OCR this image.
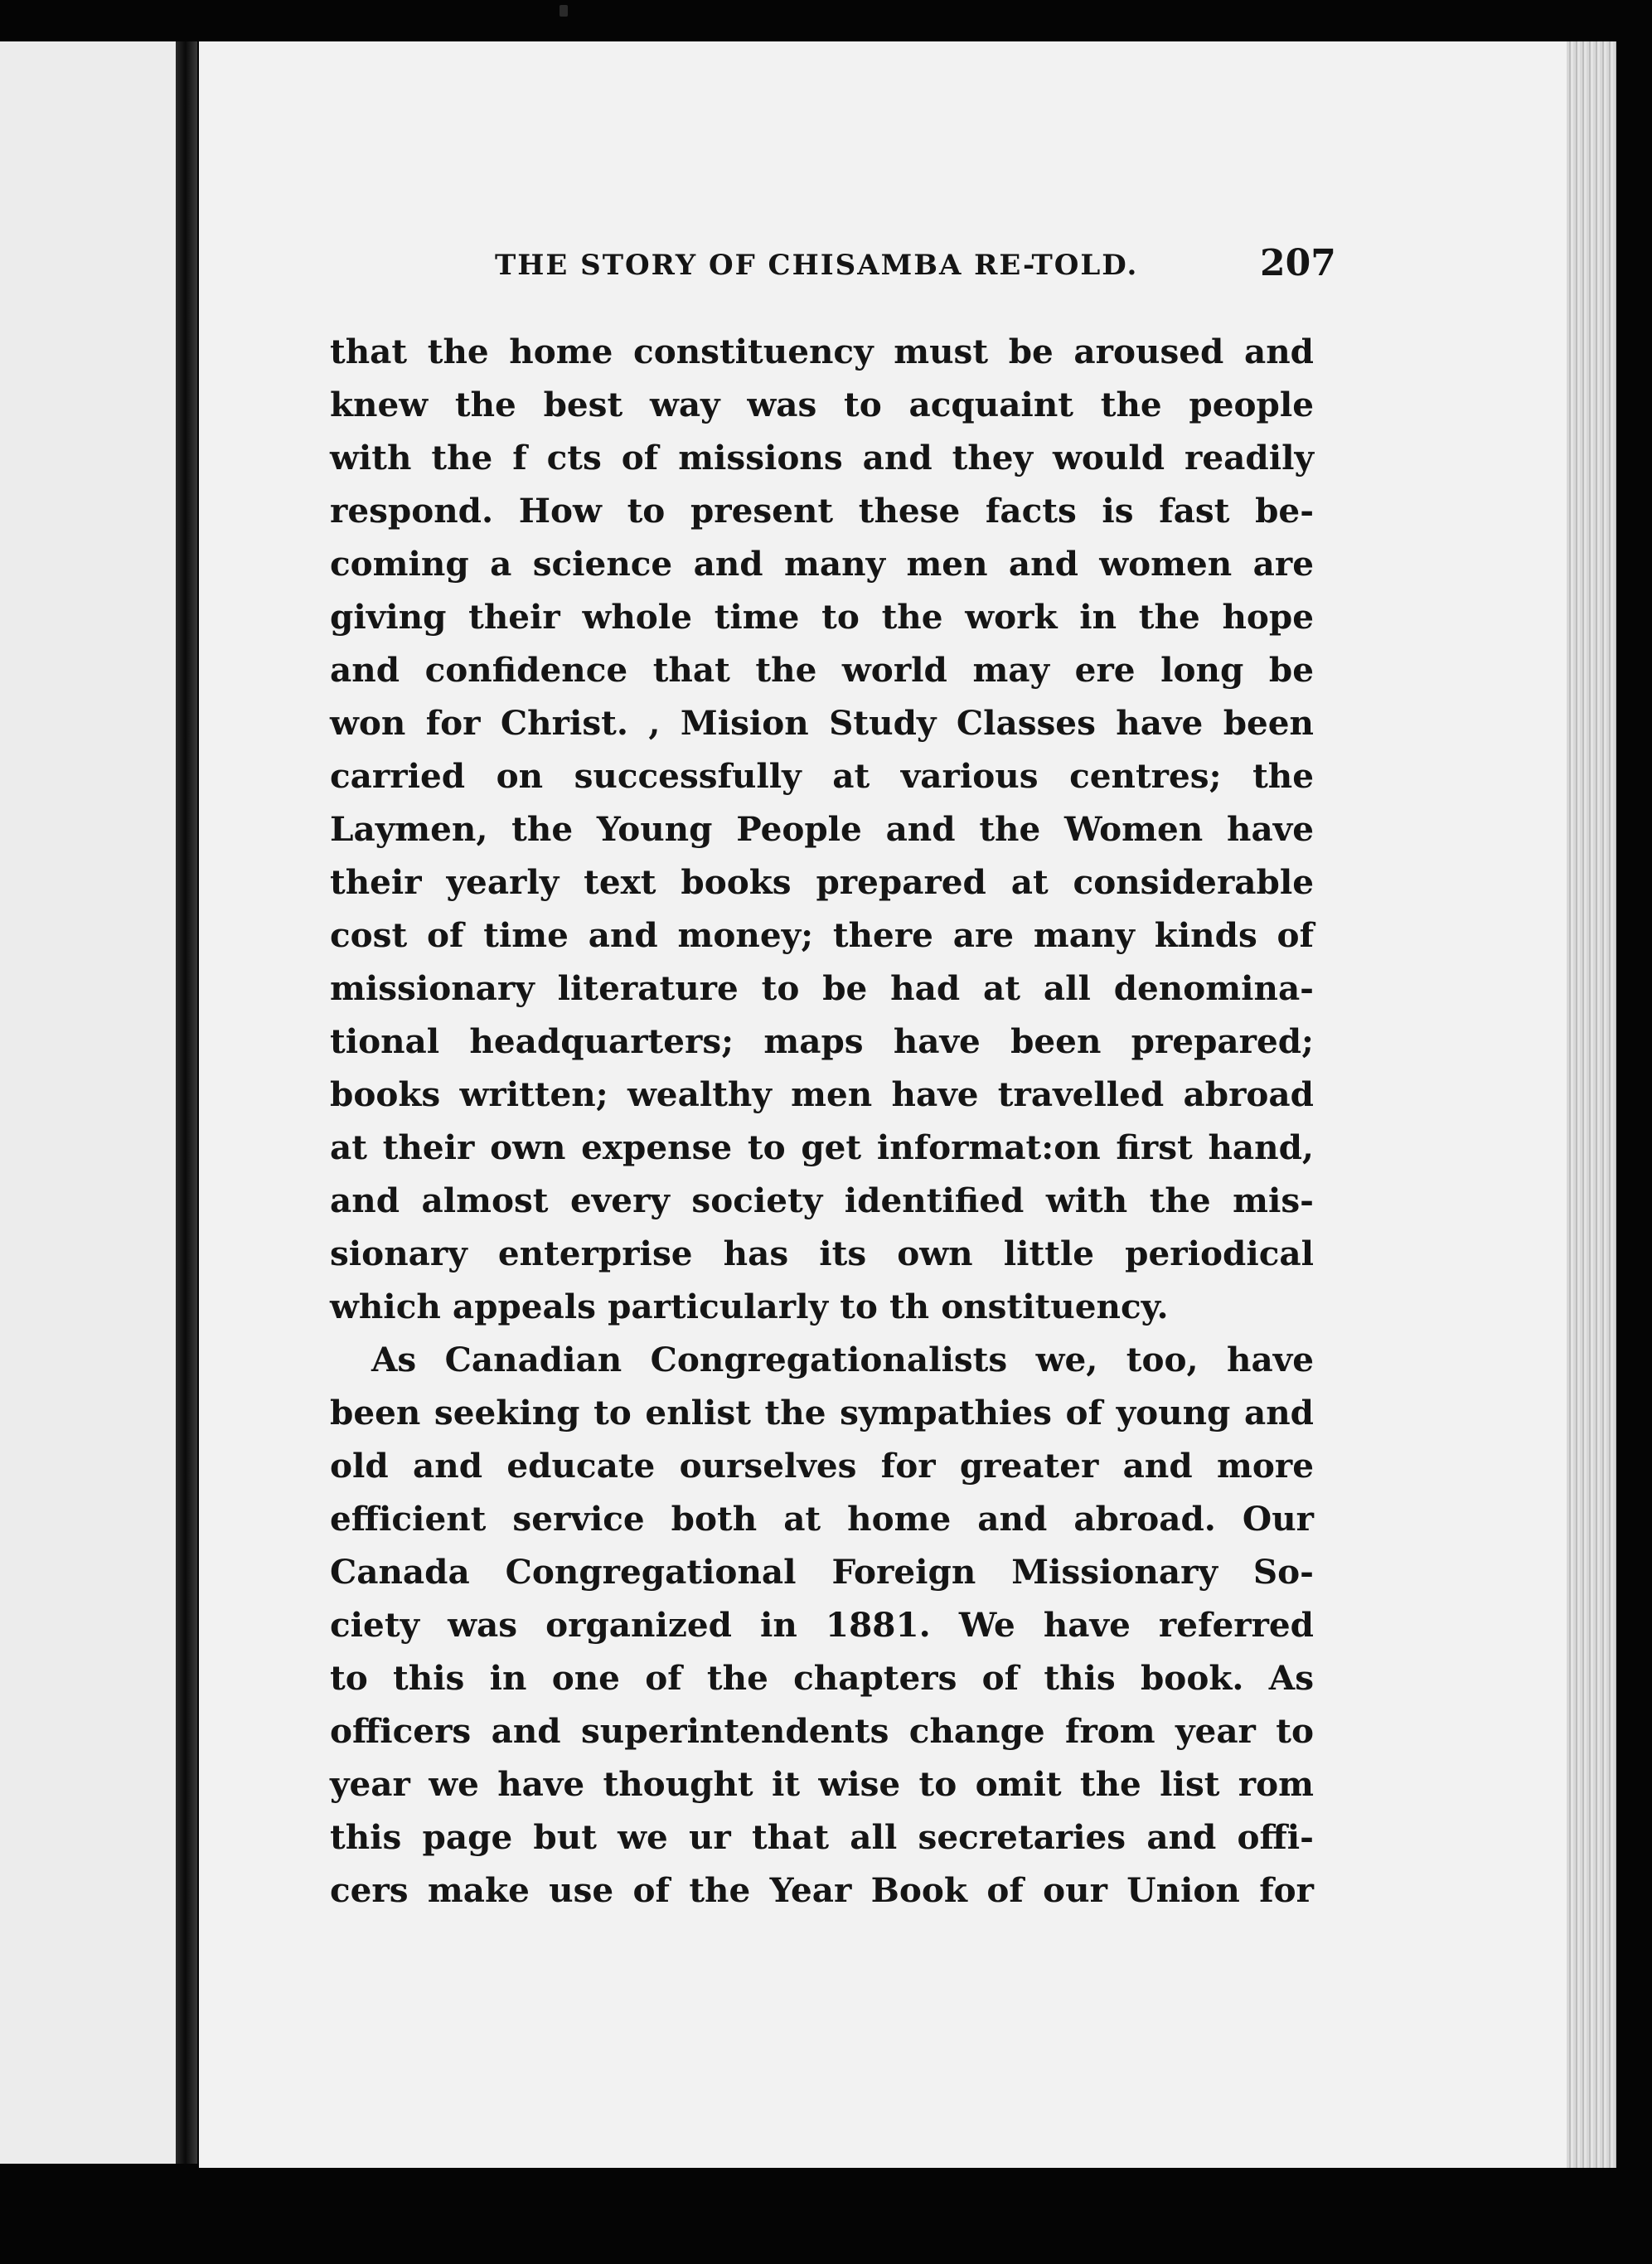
THE STORY OF CHISAMBA RE-TOLD.	207
that the home constituency must be aroused and
knew the best way was to acquaint the people
with the f cts of missions and they would readily
respond. How to present these facts is fast be-
coming a science and many men and women are
giving their whole time to the work in the hope
and confidence that the world may ere long be
won for Christ. , Mision Study Classes have been
carried on successfully at various centres; the
Laymen, the Young People and the Women have
their yearly text books prepared at considerable
cost of time and money; there are many kinds of
missionary literature to be had at all denomina-
tional headquarters; maps have been prepared;
books written; wealthy men have travelled abroad
at their own expense to get informat:on first hand,
and almost every society identified with the mis-
sionary enterprise has its own little periodical
which appeals particularly to th onstituency.
As Canadian Congregationalists we, too, have
been seeking to enlist the sympathies of young and
old and educate ourselves for greater and more
efficient service both at home and abroad. Our
Canada Congregational Foreign Missionary So-
ciety was organized in 1881. We have referred
to this in one of the chapters of this book. As
officers and superintendents change from year to
year we have thought it wise to omit the list rom
this page but we ur that all secretaries and offi-
cers make use of the Year Book of our Union for
